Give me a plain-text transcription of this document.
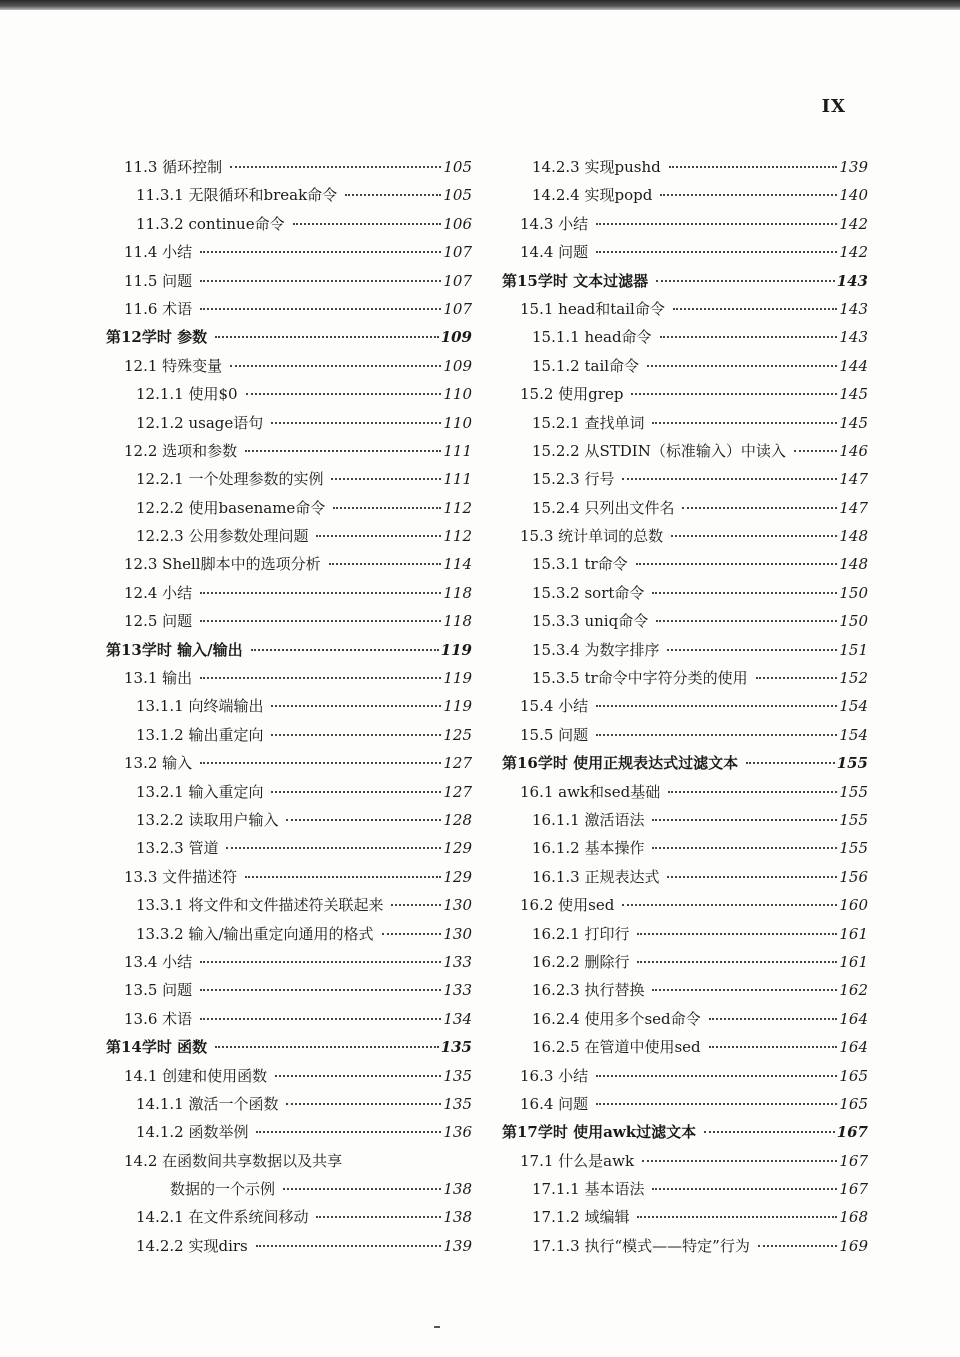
IX
11.3 循环控制	105
11.3.1 无限循环和break命令	105
11.3.2 continue命令	106
11.4 小结	107
11.5 问题	107
11.6 术语	107
第12学时 参数	109
12.1 特殊变量	109
12.1.1 使用$0	110
12.1.2 usage语句	110
12.2 选项和参数	111
12.2.1 一个处理参数的实例	111
12.2.2 使用basename命令	112
12.2.3 公用参数处理问题	112
12.3 Shell脚本中的选项分析	114
12.4 小结	118
12.5 问题	118
第13学时 输入/输出	119
13.1 输出	119
13.1.1 向终端输出	119
13.1.2 输出重定向	125
13.2 输入	127
13.2.1 输入重定向	127
13.2.2 读取用户输入	128
13.2.3 管道	129
13.3 文件描述符	129
13.3.1 将文件和文件描述符关联起来	130
13.3.2 输入/输出重定向通用的格式	130
13.4 小结	133
13.5 问题	133
13.6 术语	134
第14学时 函数	135
14.1 创建和使用函数	135
14.1.1 激活一个函数	135
14.1.2 函数举例	136
14.2 在函数间共享数据以及共享
数据的一个示例	138
14.2.1 在文件系统间移动	138
14.2.2 实现dirs	139
14.2.3 实现pushd	139
14.2.4 实现popd	140
14.3 小结	142
14.4 问题	142
第15学时 文本过滤器	143
15.1 head和tail命令	143
15.1.1 head命令	143
15.1.2 tail命令	144
15.2 使用grep	145
15.2.1 查找单词	145
15.2.2 从STDIN（标准输入）中读入	146
15.2.3 行号	147
15.2.4 只列出文件名	147
15.3 统计单词的总数	148
15.3.1 tr命令	148
15.3.2 sort命令	150
15.3.3 uniq命令	150
15.3.4 为数字排序	151
15.3.5 tr命令中字符分类的使用	152
15.4 小结	154
15.5 问题	154
第16学时 使用正规表达式过滤文本	155
16.1 awk和sed基础	155
16.1.1 激活语法	155
16.1.2 基本操作	155
16.1.3 正规表达式	156
16.2 使用sed	160
16.2.1 打印行	161
16.2.2 删除行	161
16.2.3 执行替换	162
16.2.4 使用多个sed命令	164
16.2.5 在管道中使用sed	164
16.3 小结	165
16.4 问题	165
第17学时 使用awk过滤文本	167
17.1 什么是awk	167
17.1.1 基本语法	167
17.1.2 域编辑	168
17.1.3 执行“模式——特定”行为	169
